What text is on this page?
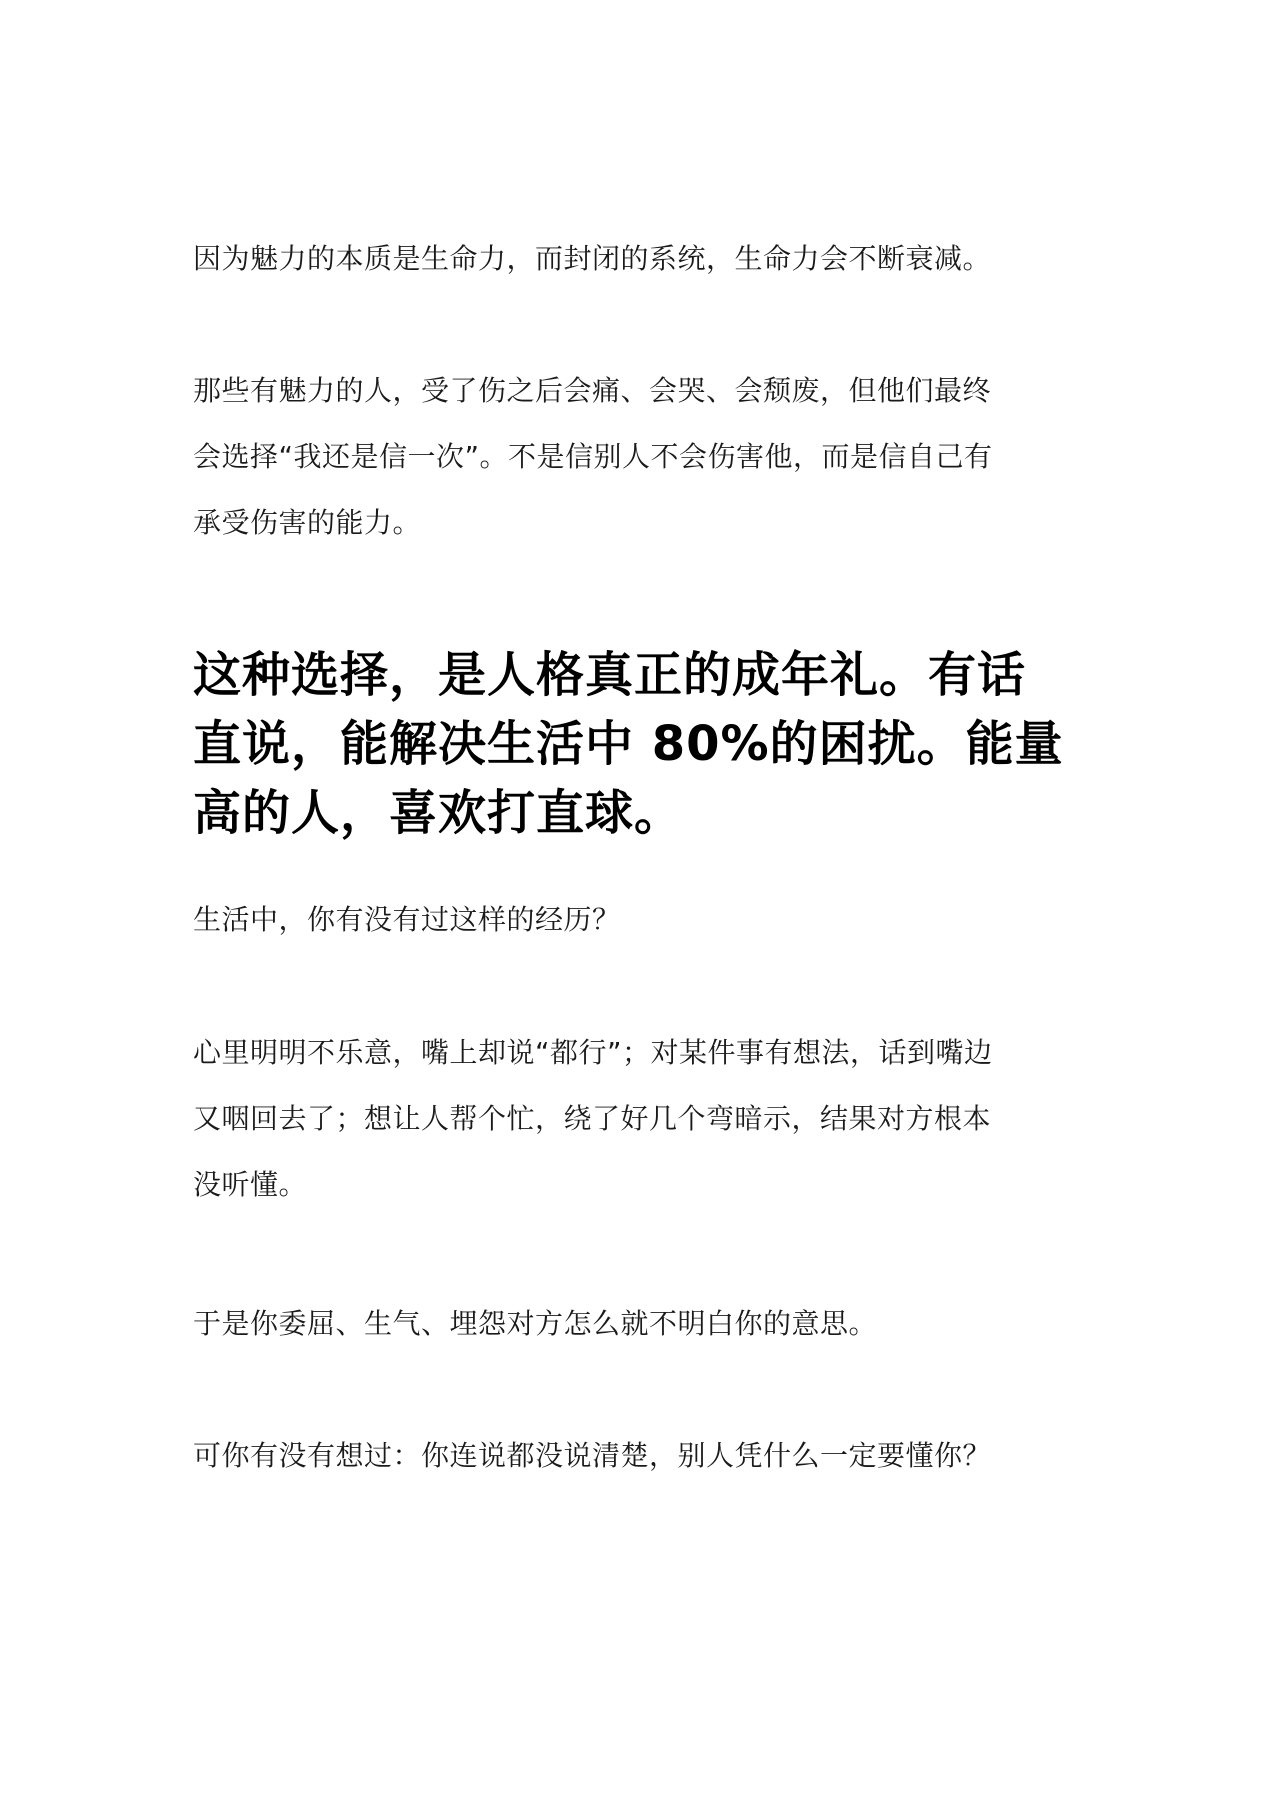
因为魅力的本质是生命力，而封闭的系统，生命力会不断衰减。

那些有魅力的人，受了伤之后会痛、会哭、会颓废，但他们最终
会选择“我还是信一次”。不是信别人不会伤害他，而是信自己有
承受伤害的能力。

这种选择，是人格真正的成年礼。有话
直说，能解决生活中 80%的困扰。能量
高的人，喜欢打直球。

生活中，你有没有过这样的经历？

心里明明不乐意，嘴上却说“都行”；对某件事有想法，话到嘴边
又咽回去了；想让人帮个忙，绕了好几个弯暗示，结果对方根本
没听懂。

于是你委屈、生气、埋怨对方怎么就不明白你的意思。

可你有没有想过：你连说都没说清楚，别人凭什么一定要懂你？
